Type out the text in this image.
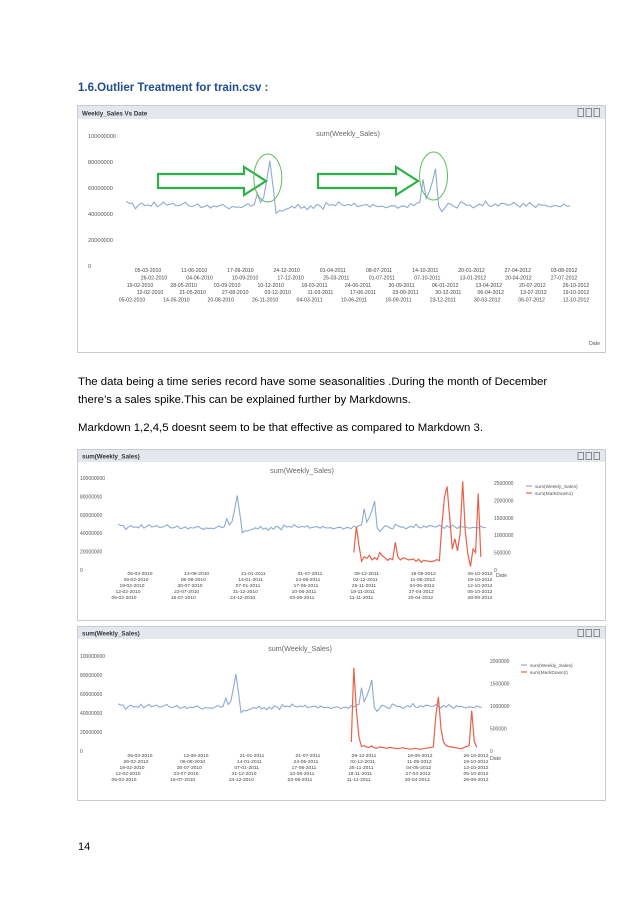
1.6.Outlier Treatment for train.csv :
Weekly_Sales Vs Date
sum(Weekly_Sales)
100000000
80000000
60000000
40000000
20000000
0
05-03-2010	11-06-2010	17-09-2010	24-12-2010	01-04-2011	08-07-2011	14-10-2011	20-01-2012	27-04-2012	03-08-2012
26-02-2010	04-06-2010	10-09-2010	17-12-2010	25-03-2011	01-07-2011	07-10-2011	13-01-2012	20-04-2012	27-07-2012
19-02-2010	28-05-2010	03-09-2010	10-12-2010	18-03-2011	24-06-2011	30-09-2011	06-01-2012	13-04-2012	20-07-2012	26-10-2012
12-02-2010	21-05-2010	27-08-2010	03-12-2010	11-03-2011	17-06-2011	23-09-2011	30-12-2011	06-04-2012	13-07-2012	19-10-2012
05-02-2010	14-05-2010	20-08-2010	26-11-2010	04-03-2011	10-06-2011	16-09-2011	23-12-2011	30-03-2012	06-07-2012	12-10-2012
Date
The data being a time series record have some seasonalities .During the month of December
there’s a sales spike.This can be explained further by Markdowns.
Markdown 1,2,4,5 doesnt seem to be that effective as compared to Markdown 3.
sum(Weekly_Sales)
sum(Weekly_Sales)
100000000
80000000
60000000
40000000
20000000
0
2500000
2000000
1500000
1000000
500000
0
sum(Weekly_Sales)
sum(MarkDown1)
05-03-2010	13-08-2010	21-01-2011	01-07-2011	09-12-2011	18-05-2012	26-10-2012
26-02-2010	06-08-2010	14-01-2011	24-06-2011	02-12-2011	11-05-2012	19-10-2012
19-02-2010	30-07-2010	07-01-2011	17-06-2011	25-11-2011	04-05-2012	12-10-2012
12-02-2010	23-07-2010	31-12-2010	10-06-2011	18-11-2011	27-04-2012	05-10-2012
05-02-2010	16-07-2010	24-12-2010	03-06-2011	11-11-2011	20-04-2012	28-09-2012
Date
sum(Weekly_Sales)
sum(Weekly_Sales)
100000000
80000000
60000000
40000000
20000000
0
2000000
1500000
1000000
500000
0
sum(Weekly_Sales)
sum(MarkDown2)
05-03-2010	13-08-2010	21-01-2011	01-07-2011	09-12-2011	18-05-2012	26-10-2012
26-02-2010	06-08-2010	14-01-2011	24-06-2011	02-12-2011	11-05-2012	19-10-2012
19-02-2010	30-07-2010	07-01-2011	17-06-2011	25-11-2011	04-05-2012	12-10-2012
12-02-2010	23-07-2010	31-12-2010	10-06-2011	18-11-2011	27-04-2012	05-10-2012
05-02-2010	16-07-2010	24-12-2010	03-06-2011	11-11-2011	20-04-2012	28-09-2012
Date
14
